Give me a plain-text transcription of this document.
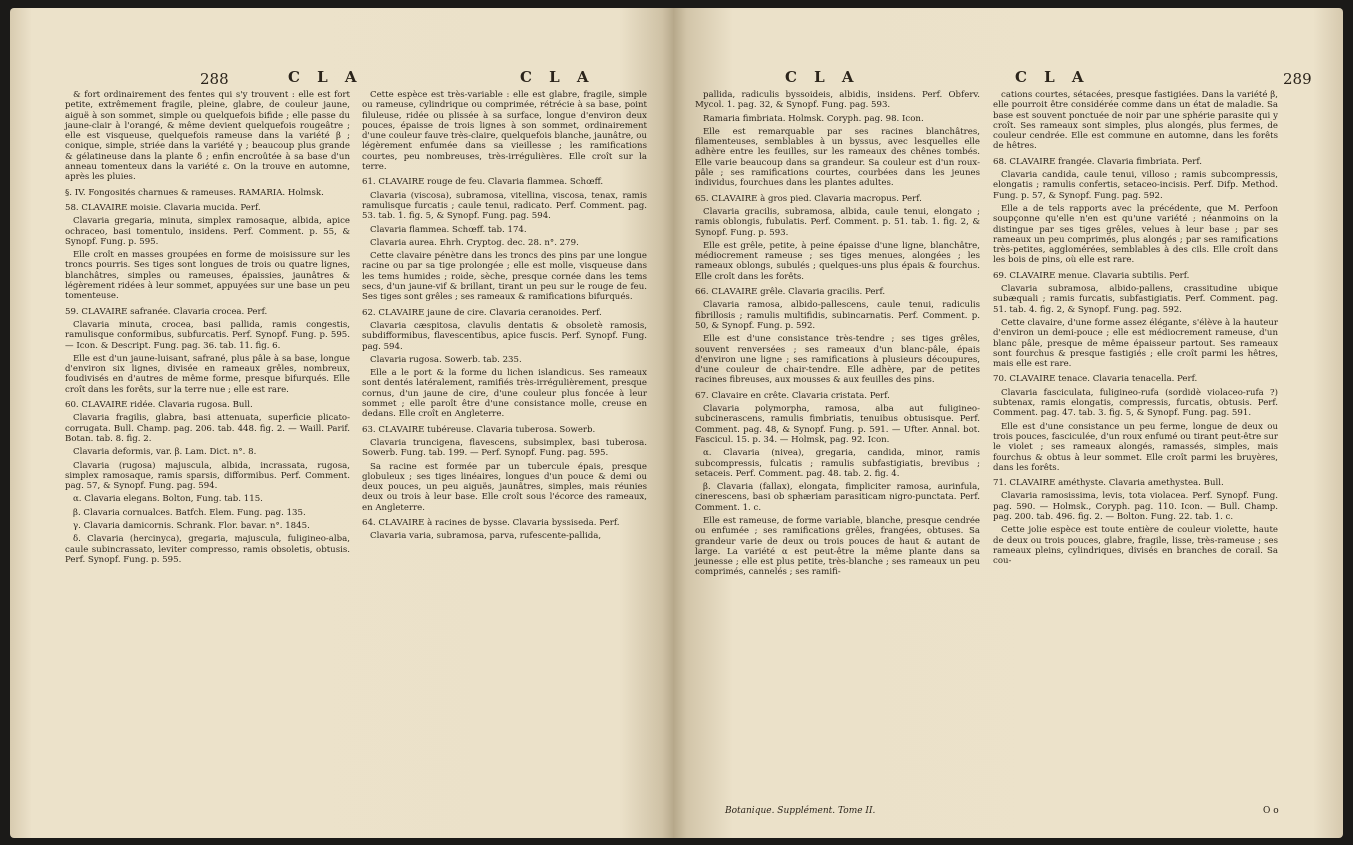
288	C L A	C L A

& fort ordinairement des fentes qui s'y trouvent : elle est fort petite, extrêmement fragile, pleine, glabre, de couleur jaune, aiguë à son sommet, simple ou quelquefois bifide ; elle passe du jaune-clair à l'orangé, & même devient quelquefois rougeâtre ; elle est visqueuse, quelquefois rameuse dans la variété β ; conique, simple, striée dans la variété γ ; beaucoup plus grande & gélatineuse dans la plante δ ; enfin encroûtée à sa base d'un anneau tomenteux dans la variété ε. On la trouve en automne, après les pluies.

§. IV. Fongosités charnues & rameuses. RAMARIA. Holmsk.

58. CLAVAIRE moisie. Clavaria mucida. Perf.

Clavaria gregaria, minuta, simplex ramosaque, albida, apice ochraceo, basi tomentulo, insidens. Perf. Comment. p. 55, & Synopf. Fung. p. 595.

Elle croît en masses groupées en forme de moisissure sur les troncs pourris. Ses tiges sont longues de trois ou quatre lignes, blanchâtres, simples ou rameuses, épaissies, jaunâtres & légèrement ridées à leur sommet, appuyées sur une base un peu tomenteuse.

59. CLAVAIRE safranée. Clavaria crocea. Perf.

Clavaria minuta, crocea, basi pallida, ramis congestis, ramulisque conformibus, subfurcatis. Perf. Synopf. Fung. p. 595. — Icon. & Descript. Fung. pag. 36. tab. 11. fig. 6.

Elle est d'un jaune-luisant, safrané, plus pâle à sa base, longue d'environ six lignes, divisée en rameaux grêles, nombreux, foudivisés en d'autres de même forme, presque bifurqués. Elle croît dans les forêts, sur la terre nue ; elle est rare.

60. CLAVAIRE ridée. Clavaria rugosa. Bull.

Clavaria fragilis, glabra, basi attenuata, superficie plicato-corrugata. Bull. Champ. pag. 206. tab. 448. fig. 2. — Waill. Parif. Botan. tab. 8. fig. 2.

Clavaria deformis, var. β. Lam. Dict. n°. 8.

Clavaria (rugosa) majuscula, albida, incrassata, rugosa, simplex ramosaque, ramis sparsis, difformibus. Perf. Comment. pag. 57, & Synopf. Fung. pag. 594.

α. Clavaria elegans. Bolton, Fung. tab. 115.

β. Clavaria cornualces. Batfch. Elem. Fung. pag. 135.

γ. Clavaria damicornis. Schrank. Flor. bavar. n°. 1845.

δ. Clavaria (hercinyca), gregaria, majuscula, fuligineo-alba, caule subincrassato, leviter compresso, ramis obsoletis, obtusis. Perf. Synopf. Fung. p. 595.

Cette espèce est très-variable : elle est glabre, fragile, simple ou rameuse, cylindrique ou comprimée, rétrécie à sa base, point filuleuse, ridée ou plissée à sa surface, longue d'environ deux pouces, épaisse de trois lignes à son sommet, ordinairement d'une couleur fauve très-claire, quelquefois blanche, jaunâtre, ou légèrement enfumée dans sa vieillesse ; les ramifications courtes, peu nombreuses, très-irrégulières. Elle croît sur la terre.

61. CLAVAIRE rouge de feu. Clavaria flammea. Schœff.

Clavaria (viscosa), subramosa, vitellina, viscosa, tenax, ramis ramulisque furcatis ; caule tenui, radicato. Perf. Comment. pag. 53. tab. 1. fig. 5, & Synopf. Fung. pag. 594.

Clavaria flammea. Schœff. tab. 174.

Clavaria aurea. Ehrh. Cryptog. dec. 28. n°. 279.

Cette clavaire pénètre dans les troncs des pins par une longue racine ou par sa tige prolongée ; elle est molle, visqueuse dans les tems humides ; roide, sèche, presque cornée dans les tems secs, d'un jaune-vif & brillant, tirant un peu sur le rouge de feu. Ses tiges sont grêles ; ses rameaux & ramifications bifurqués.

62. CLAVAIRE jaune de cire. Clavaria ceranoides. Perf.

Clavaria cæspitosa, clavulis dentatis & obsoletè ramosis, subdifformibus, flavescentibus, apice fuscis. Perf. Synopf. Fung. pag. 594.

Clavaria rugosa. Sowerb. tab. 235.

Elle a le port & la forme du lichen islandicus. Ses rameaux sont dentés latéralement, ramifiés très-irrégulièrement, presque cornus, d'un jaune de cire, d'une couleur plus foncée à leur sommet ; elle paroît être d'une consistance molle, creuse en dedans. Elle croît en Angleterre.

63. CLAVAIRE tubéreuse. Clavaria tuberosa. Sowerb.

Clavaria truncigena, flavescens, subsimplex, basi tuberosa. Sowerb. Fung. tab. 199. — Perf. Synopf. Fung. pag. 595.

Sa racine est formée par un tubercule épais, presque globuleux ; ses tiges linéaires, longues d'un pouce & demi ou deux pouces, un peu aiguës, jaunâtres, simples, mais réunies deux ou trois à leur base. Elle croît sous l'écorce des rameaux, en Angleterre.

64. CLAVAIRE à racines de bysse. Clavaria byssiseda. Perf.

Clavaria varia, subramosa, parva, rufescente-pallida,

C L A	C L A	289

pallida, radiculis byssoideis, albidis, insidens. Perf. Obferv. Mycol. 1. pag. 32, & Synopf. Fung. pag. 593.

Ramaria fimbriata. Holmsk. Coryph. pag. 98. Icon.

Elle est remarquable par ses racines blanchâtres, filamenteuses, semblables à un byssus, avec lesquelles elle adhère entre les feuilles, sur les rameaux des chênes tombés. Elle varie beaucoup dans sa grandeur. Sa couleur est d'un roux-pâle ; ses ramifications courtes, courbées dans les jeunes individus, fourchues dans les plantes adultes.

65. CLAVAIRE à gros pied. Clavaria macropus. Perf.

Clavaria gracilis, subramosa, albida, caule tenui, elongato ; ramis oblongis, fubulatis. Perf. Comment. p. 51. tab. 1. fig. 2, & Synopf. Fung. p. 593.

Elle est grêle, petite, à peine épaisse d'une ligne, blanchâtre, médiocrement rameuse ; ses tiges menues, alongées ; les rameaux oblongs, subulés ; quelques-uns plus épais & fourchus. Elle croît dans les forêts.

66. CLAVAIRE grêle. Clavaria gracilis. Perf.

Clavaria ramosa, albido-pallescens, caule tenui, radiculis fibrillosis ; ramulis multifidis, subincarnatis. Perf. Comment. p. 50, & Synopf. Fung. p. 592.

Elle est d'une consistance très-tendre ; ses tiges grêles, souvent renversées ; ses rameaux d'un blanc-pâle, épais d'environ une ligne ; ses ramifications à plusieurs découpures, d'une couleur de chair-tendre. Elle adhère, par de petites racines fibreuses, aux mousses & aux feuilles des pins.

67. Clavaire en crête. Clavaria cristata. Perf.

Clavaria polymorpha, ramosa, alba aut fuligineo-subcinerascens, ramulis fimbriatis, tenuibus obtusisque. Perf. Comment. pag. 48, & Synopf. Fung. p. 591. — Ufter. Annal. bot. Fascicul. 15. p. 34. — Holmsk, pag. 92. Icon.

α. Clavaria (nivea), gregaria, candida, minor, ramis subcompressis, fulcatis ; ramulis subfastigiatis, brevibus ; setaceis. Perf. Comment. pag. 48. tab. 2. fig. 4.

β. Clavaria (fallax), elongata, fimpliciter ramosa, aurinfula, cinerescens, basi ob sphæriam parasiticam nigro-punctata. Perf. Comment. 1. c.

Elle est rameuse, de forme variable, blanche, presque cendrée ou enfumée ; ses ramifications grêles, frangées, obtuses. Sa grandeur varie de deux ou trois pouces de haut & autant de large. La variété α est peut-être la même plante dans sa jeunesse ; elle est plus petite, très-blanche ; ses rameaux un peu comprimés, cannelés ; ses ramifi-

cations courtes, sétacées, presque fastigiées. Dans la variété β, elle pourroit être considérée comme dans un état de maladie. Sa base est souvent ponctuée de noir par une sphérie parasite qui y croît. Ses rameaux sont simples, plus alongés, plus fermes, de couleur cendrée. Elle est commune en automne, dans les forêts de hêtres.

68. CLAVAIRE frangée. Clavaria fimbriata. Perf.

Clavaria candida, caule tenui, villoso ; ramis subcompressis, elongatis ; ramulis confertis, setaceo-incisis. Perf. Difp. Method. Fung. p. 57, & Synopf. Fung. pag. 592.

Elle a de tels rapports avec la précédente, que M. Perfoon soupçonne qu'elle n'en est qu'une variété ; néanmoins on la distingue par ses tiges grêles, velues à leur base ; par ses rameaux un peu comprimés, plus alongés ; par ses ramifications très-petites, agglomérées, semblables à des cils. Elle croît dans les bois de pins, où elle est rare.

69. CLAVAIRE menue. Clavaria subtilis. Perf.

Clavaria subramosa, albido-pallens, crassitudine ubique subæquali ; ramis furcatis, subfastigiatis. Perf. Comment. pag. 51. tab. 4. fig. 2, & Synopf. Fung. pag. 592.

Cette clavaire, d'une forme assez élégante, s'élève à la hauteur d'environ un demi-pouce ; elle est médiocrement rameuse, d'un blanc pâle, presque de même épaisseur partout. Ses rameaux sont fourchus & presque fastigiés ; elle croît parmi les hêtres, mais elle est rare.

70. CLAVAIRE tenace. Clavaria tenacella. Perf.

Clavaria fasciculata, fuligineo-rufa (sordidè violaceo-rufa ?) subtenax, ramis elongatis, compressis, furcatis, obtusis. Perf. Comment. pag. 47. tab. 3. fig. 5, & Synopf. Fung. pag. 591.

Elle est d'une consistance un peu ferme, longue de deux ou trois pouces, fasciculée, d'un roux enfumé ou tirant peut-être sur le violet ; ses rameaux alongés, ramassés, simples, mais fourchus & obtus à leur sommet. Elle croît parmi les bruyères, dans les forêts.

71. CLAVAIRE améthyste. Clavaria amethystea. Bull.

Clavaria ramosissima, levis, tota violacea. Perf. Synopf. Fung. pag. 590. — Holmsk., Coryph. pag. 110. Icon. — Bull. Champ. pag. 200. tab. 496. fig. 2. — Bolton. Fung. 22. tab. 1. c.

Cette jolie espèce est toute entière de couleur violette, haute de deux ou trois pouces, glabre, fragile, lisse, très-rameuse ; ses rameaux pleins, cylindriques, divisés en branches de corail. Sa cou-

Botanique. Supplément. Tome II.	O o
